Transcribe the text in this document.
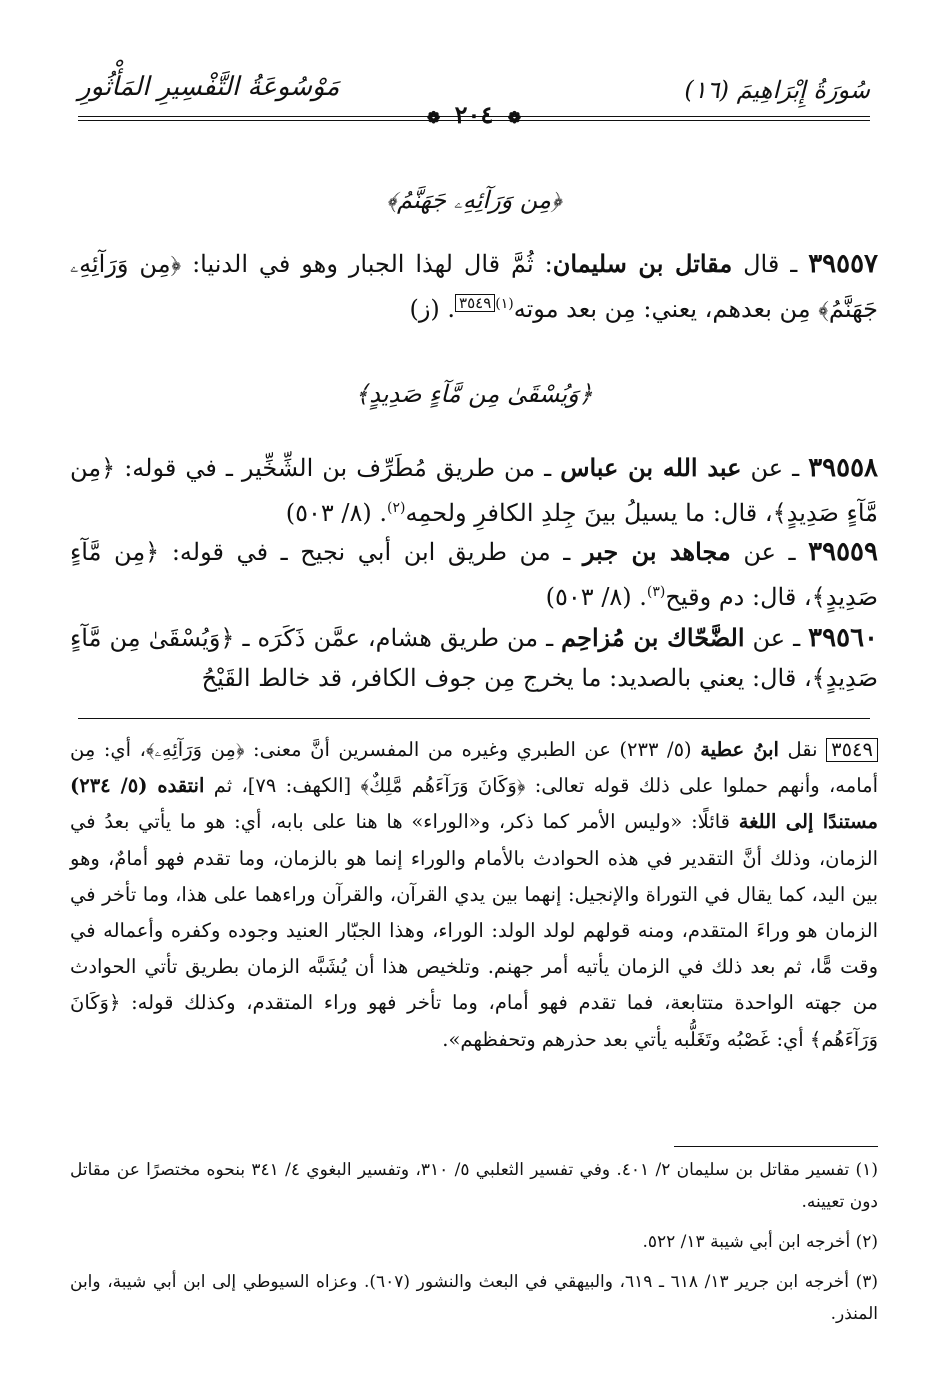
سُورَةُ إِبْرَاهِيمَ (١٦)
مَوْسُوعَةُ التَّفْسِيرِ المَأْثُورِ
❁ ٢٠٤ ❁
﴿مِن وَرَآئِهِۦ جَهَنَّمُ﴾
٣٩٥٥٧ ـ قال مقاتل بن سليمان: ثُمَّ قال لهذا الجبار وهو في الدنيا: ﴿مِن وَرَآئِهِۦ جَهَنَّمُ﴾ مِن بعدهم، يعني: مِن بعد موته$^{(١)}$٣٥٤٩. (ز)
﴿وَيُسْقَىٰ مِن مَّآءٍ صَدِيدٍ﴾
٣٩٥٥٨ ـ عن عبد الله بن عباس ـ من طريق مُطَرِّف بن الشِّخِّير ـ في قوله: ﴿مِن مَّآءٍ صَدِيدٍ﴾، قال: ما يسيلُ بينَ جِلدِ الكافرِ ولحمِه$^{(٢)}$. (٨/ ٥٠٣)
٣٩٥٥٩ ـ عن مجاهد بن جبر ـ من طريق ابن أبي نجيح ـ في قوله: ﴿مِن مَّآءٍ صَدِيدٍ﴾، قال: دم وقيح$^{(٣)}$. (٨/ ٥٠٣)
٣٩٥٦٠ ـ عن الضَّحّاك بن مُزاحِم ـ من طريق هشام، عمَّن ذَكَرَه ـ ﴿وَيُسْقَىٰ مِن مَّآءٍ صَدِيدٍ﴾، قال: يعني بالصديد: ما يخرج مِن جوف الكافر، قد خالط القَيْحُ
٣٥٤٩ نقل ابنُ عطية (٥/ ٢٣٣) عن الطبري وغيره من المفسرين أنَّ معنى: ﴿مِن وَرَآئِهِۦ﴾، أي: مِن أمامه، وأنهم حملوا على ذلك قوله تعالى: ﴿وَكَانَ وَرَآءَهُم مَّلِكٌ﴾ [الكهف: ٧٩]، ثم انتقده (٥/ ٢٣٤) مستندًا إلى اللغة قائلًا: «وليس الأمر كما ذكر، و«الوراء» ها هنا على بابه، أي: هو ما يأتي بعدُ في الزمان، وذلك أنَّ التقدير في هذه الحوادث بالأمام والوراء إنما هو بالزمان، وما تقدم فهو أمامٌ، وهو بين اليد، كما يقال في التوراة والإنجيل: إنهما بين يدي القرآن، والقرآن وراءهما على هذا، وما تأخر في الزمان هو وراءَ المتقدم، ومنه قولهم لولد الولد: الوراء، وهذا الجبّار العنيد وجوده وكفره وأعماله في وقت مًّا، ثم بعد ذلك في الزمان يأتيه أمر جهنم. وتلخيص هذا أن يُشَبَّه الزمان بطريق تأتي الحوادث من جهته الواحدة متتابعة، فما تقدم فهو أمام، وما تأخر فهو وراء المتقدم، وكذلك قوله: ﴿وَكَانَ وَرَآءَهُم﴾ أي: غَصْبُه وتَغَلُّبه يأتي بعد حذرهم وتحفظهم».
(١) تفسير مقاتل بن سليمان ٢/ ٤٠١. وفي تفسير الثعلبي ٥/ ٣١٠، وتفسير البغوي ٤/ ٣٤١ بنحوه مختصرًا عن مقاتل دون تعيينه.
(٢) أخرجه ابن أبي شيبة ١٣/ ٥٢٢.
(٣) أخرجه ابن جرير ١٣/ ٦١٨ ـ ٦١٩، والبيهقي في البعث والنشور (٦٠٧). وعزاه السيوطي إلى ابن أبي شيبة، وابن المنذر.
